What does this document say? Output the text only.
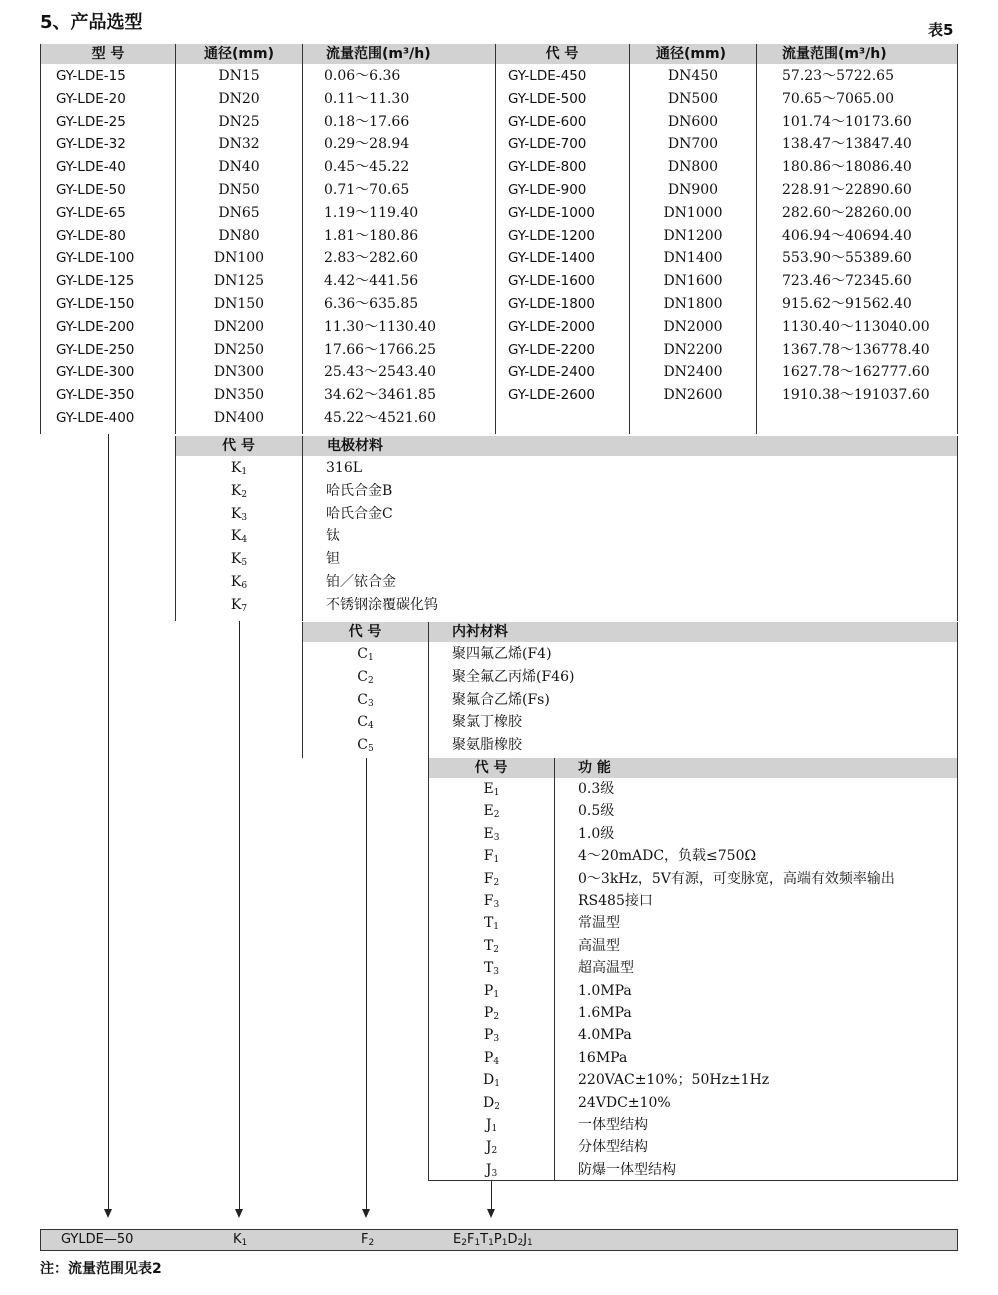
5、产品选型	表5
型 号	通径(mm)	流量范围(m³/h)	代 号	通径(mm)	流量范围(m³/h)
GY-LDE-15	DN15	0.06～6.36
GY-LDE-20	DN20	0.11～11.30
GY-LDE-25	DN25	0.18～17.66
GY-LDE-32	DN32	0.29～28.94
GY-LDE-40	DN40	0.45～45.22
GY-LDE-50	DN50	0.71～70.65
GY-LDE-65	DN65	1.19～119.40
GY-LDE-80	DN80	1.81～180.86
GY-LDE-100	DN100	2.83～282.60
GY-LDE-125	DN125	4.42～441.56
GY-LDE-150	DN150	6.36～635.85
GY-LDE-200	DN200	11.30～1130.40
GY-LDE-250	DN250	17.66～1766.25
GY-LDE-300	DN300	25.43～2543.40
GY-LDE-350	DN350	34.62～3461.85
GY-LDE-400	DN400	45.22～4521.60
GY-LDE-450	DN450	57.23～5722.65
GY-LDE-500	DN500	70.65～7065.00
GY-LDE-600	DN600	101.74～10173.60
GY-LDE-700	DN700	138.47～13847.40
GY-LDE-800	DN800	180.86～18086.40
GY-LDE-900	DN900	228.91～22890.60
GY-LDE-1000	DN1000	282.60～28260.00
GY-LDE-1200	DN1200	406.94～40694.40
GY-LDE-1400	DN1400	553.90～55389.60
GY-LDE-1600	DN1600	723.46～72345.60
GY-LDE-1800	DN1800	915.62～91562.40
GY-LDE-2000	DN2000	1130.40～113040.00
GY-LDE-2200	DN2200	1367.78～136778.40
GY-LDE-2400	DN2400	1627.78～162777.60
GY-LDE-2600	DN2600	1910.38～191037.60
代 号	电极材料
$K_1$	316L
$K_2$	哈氏合金B
$K_3$	哈氏合金C
$K_4$	钛
$K_5$	钽
$K_6$	铂／铱合金
$K_7$	不锈钢涂覆碳化钨
代 号	内衬材料
$C_1$	聚四氟乙烯(F4)
$C_2$	聚全氟乙丙烯(F46)
$C_3$	聚氟合乙烯(Fs)
$C_4$	聚氯丁橡胶
$C_5$	聚氨脂橡胶
代 号	功 能
$E_1$	0.3级
$E_2$	0.5级
$E_3$	1.0级
$F_1$	4～20mADC，负载≤750Ω
$F_2$	0～3kHz，5V有源，可变脉宽，高端有效频率输出
$F_3$	RS485接口
$T_1$	常温型
$T_2$	高温型
$T_3$	超高温型
$P_1$	1.0MPa
$P_2$	1.6MPa
$P_3$	4.0MPa
$P_4$	16MPa
$D_1$	220VAC±10%；50Hz±1Hz
$D_2$	24VDC±10%
$J_1$	一体型结构
$J_2$	分体型结构
$J_3$	防爆一体型结构
GYLDE—50	$K_1$	$F_2$	$E_2F_1T_1P_1D_2J_1$
注：流量范围见表2
